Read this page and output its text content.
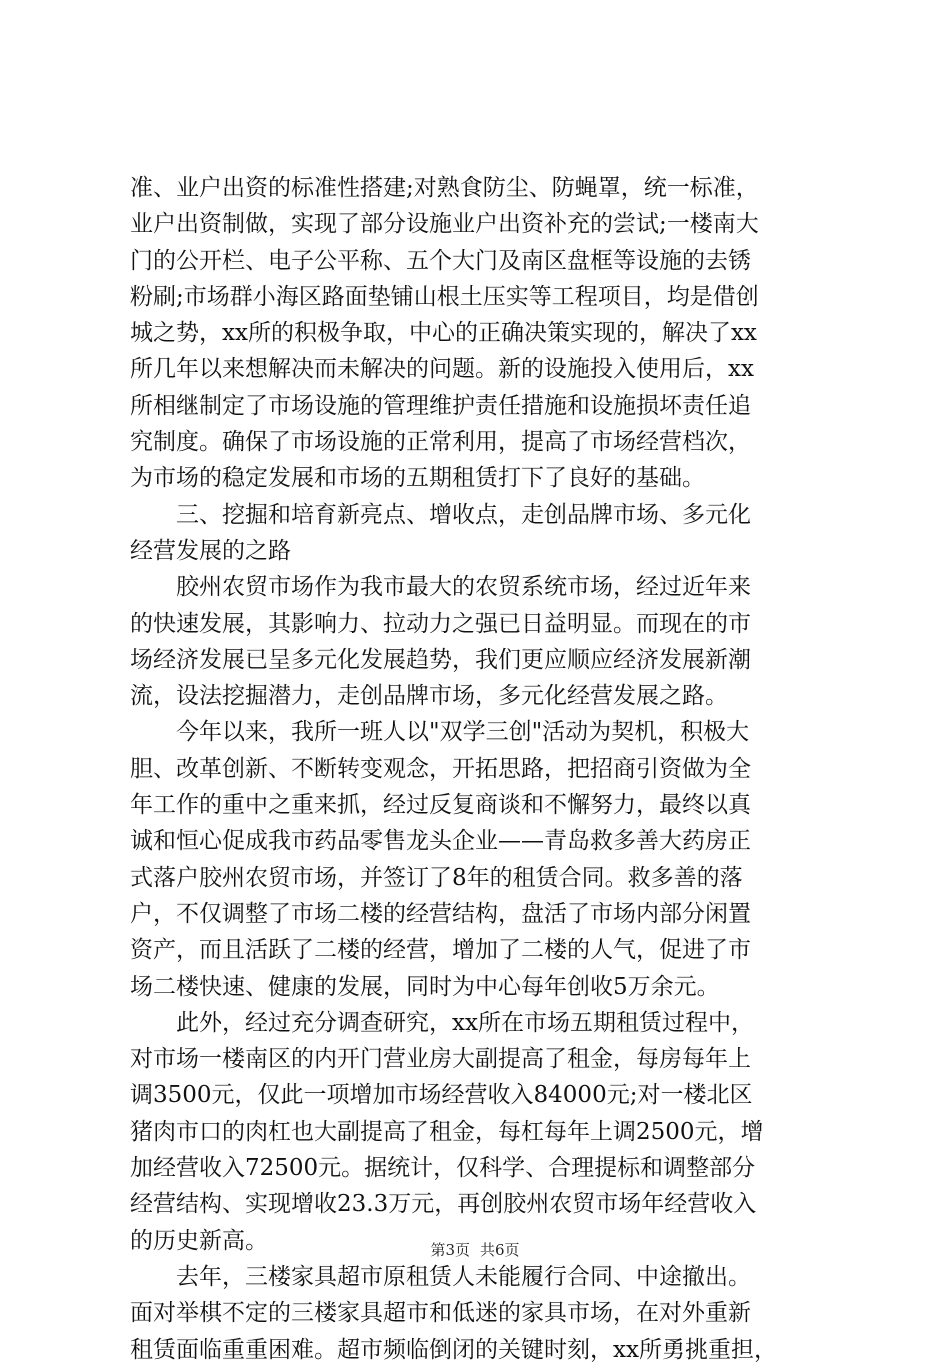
准、业户出资的标准性搭建;对熟食防尘、防蝇罩，统一标准，
业户出资制做，实现了部分设施业户出资补充的尝试;一楼南大
门的公开栏、电子公平称、五个大门及南区盘框等设施的去锈
粉刷;市场群小海区路面垫铺山根土压实等工程项目，均是借创
城之势，xx所的积极争取，中心的正确决策实现的，解决了xx
所几年以来想解决而未解决的问题。新的设施投入使用后，xx
所相继制定了市场设施的管理维护责任措施和设施损坏责任追
究制度。确保了市场设施的正常利用，提高了市场经营档次，
为市场的稳定发展和市场的五期租赁打下了良好的基础。
三、挖掘和培育新亮点、增收点，走创品牌市场、多元化
经营发展的之路
胶州农贸市场作为我市最大的农贸系统市场，经过近年来
的快速发展，其影响力、拉动力之强已日益明显。而现在的市
场经济发展已呈多元化发展趋势，我们更应顺应经济发展新潮
流，设法挖掘潜力，走创品牌市场，多元化经营发展之路。
今年以来，我所一班人以"双学三创"活动为契机，积极大
胆、改革创新、不断转变观念，开拓思路，把招商引资做为全
年工作的重中之重来抓，经过反复商谈和不懈努力，最终以真
诚和恒心促成我市药品零售龙头企业——青岛救多善大药房正
式落户胶州农贸市场，并签订了8年的租赁合同。救多善的落
户，不仅调整了市场二楼的经营结构，盘活了市场内部分闲置
资产，而且活跃了二楼的经营，增加了二楼的人气，促进了市
场二楼快速、健康的发展，同时为中心每年创收5万余元。
此外，经过充分调查研究，xx所在市场五期租赁过程中，
对市场一楼南区的内开门营业房大副提高了租金，每房每年上
调3500元，仅此一项增加市场经营收入84000元;对一楼北区
猪肉市口的肉杠也大副提高了租金，每杠每年上调2500元，增
加经营收入72500元。据统计，仅科学、合理提标和调整部分
经营结构、实现增收23.3万元，再创胶州农贸市场年经营收入
的历史新高。
去年，三楼家具超市原租赁人未能履行合同、中途撤出。
面对举棋不定的三楼家具超市和低迷的家具市场，在对外重新
租赁面临重重困难。超市频临倒闭的关键时刻，xx所勇挑重担，
第3页 共6页
